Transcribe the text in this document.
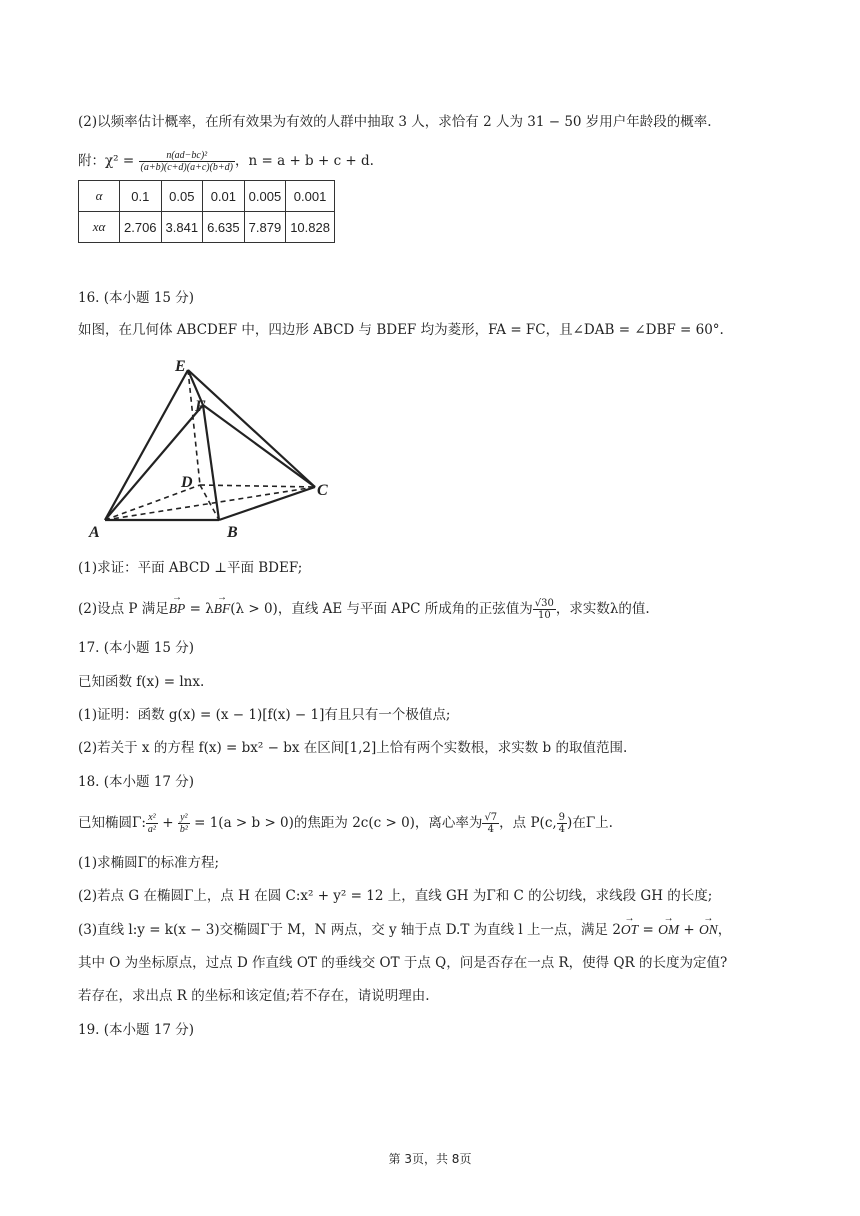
(2)以频率估计概率，在所有效果为有效的人群中抽取 3 人，求恰有 2 人为 31 − 50 岁用户年龄段的概率.
附：$\chi^2 = \frac{\text{n(ad−bc)²}}{(a+b)(c+d)(a+c)(b+d)}$ ，n = a + b + c + d.
α	0.1	0.05	0.01	0.005	0.001
xα	2.706	3.841	6.635	7.879	10.828
16. (本小题 15 分)
如图，在几何体 ABCDEF 中，四边形 ABCD 与 BDEF 均为菱形，FA = FC，且∠DAB = ∠DBF = 60°.
E
F
D	C
A	B
(1)求证：平面 ABCD ⊥平面 BDEF;
(2)设点 P 满足→ BP = λ→ BF(λ > 0)，直线 AE 与平面 APC 所成角的正弦值为 $\frac{√30}{10}$ ，求实数λ的值.
17. (本小题 15 分)
已知函数 f(x) = lnx.
(1)证明：函数 g(x) = (x − 1)[f(x) − 1]有且只有一个极值点;
(2)若关于 x 的方程 f(x) = bx² − bx 在区间[1,2]上恰有两个实数根，求实数 b 的取值范围.
18. (本小题 17 分)
已知椭圆Γ: $\frac{\text{x²}}{\text{a²}} + \frac{\text{y²}}{\text{b²}} = 1(a > b > 0)$的焦距为 2c(c > 0)，离心率为 $\frac{√7}{4}$ ，点 P(c, $\frac{9}{4}$ )在Γ上.
(1)求椭圆Γ的标准方程;
(2)若点 G 在椭圆Γ上，点 H 在圆 C:x² + y² = 12 上，直线 GH 为Γ和 C 的公切线，求线段 GH 的长度;
(3)直线 l:y = k(x − 3)交椭圆Γ于 M，N 两点，交 y 轴于点 D.T 为直线 l 上一点，满足 2→ OT = → OM + → ON，
其中 O 为坐标原点，过点 D 作直线 OT 的垂线交 OT 于点 Q，问是否存在一点 R，使得 QR 的长度为定值?
若存在，求出点 R 的坐标和该定值;若不存在，请说明理由.
19. (本小题 17 分)
第 3页，共 8页
